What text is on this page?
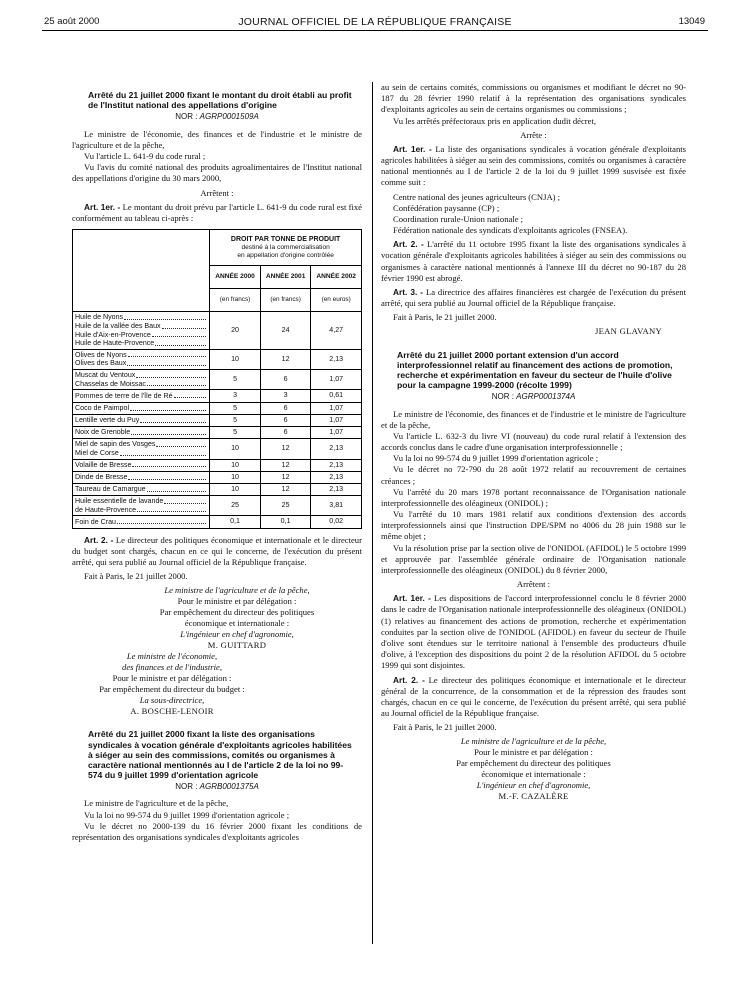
25 août 2000	JOURNAL OFFICIEL DE LA RÉPUBLIQUE FRANÇAISE	13049

Arrêté du 21 juillet 2000 fixant le montant du droit établi au profit de l'Institut national des appellations d'origine

NOR : AGRP0001509A

Le ministre de l'économie, des finances et de l'industrie et le ministre de l'agriculture et de la pêche,

Vu l'article L. 641-9 du code rural ;

Vu l'avis du comité national des produits agroalimentaires de l'Institut national des appellations d'origine du 30 mars 2000,

Arrêtent :

Art. 1er. - Le montant du droit prévu par l'article L. 641-9 du code rural est fixé conformément au tableau ci-après :

	DROIT PAR TONNE DE PRODUIT
destiné à la commercialisation
en appellation d'origine contrôlée		

	ANNÉE 2000	ANNÉE 2001	ANNÉE 2002
	(en francs)	(en francs)	(en euros)

Huile de Nyons
Huile de la vallée des Baux
Huile d'Aix-en-Provence
Huile de Haute-Provence	20	24	4,27

Olives de Nyons
Olives des Baux	10	12	2,13

Muscat du Ventoux
Chasselas de Moissac	5	6	1,07

Pommes de terre de l'île de Ré	3	3	0,61

Coco de Paimpol	5	6	1,07

Lentille verte du Puy	5	6	1,07

Noix de Grenoble	5	6	1,07

Miel de sapin des Vosges
Miel de Corse	10	12	2,13

Volaille de Bresse	10	12	2,13

Dinde de Bresse	10	12	2,13

Taureau de Camargue	10	12	2,13

Huile essentielle de lavande
de Haute-Provence	25	25	3,81

Foin de Crau	0,1	0,1	0,02

Art. 2. - Le directeur des politiques économique et internationale et le directeur du budget sont chargés, chacun en ce qui le concerne, de l'exécution du présent arrêté, qui sera publié au Journal officiel de la République française.

Fait à Paris, le 21 juillet 2000.

Le ministre de l'agriculture et de la pêche,
Pour le ministre et par délégation :
Par empêchement du directeur des politiques
économique et internationale :
L'ingénieur en chef d'agronomie,
M. GUITTARD
Le ministre de l'économie,
des finances et de l'industrie,
Pour le ministre et par délégation :
Par empêchement du directeur du budget :
La sous-directrice,
A. BOSCHE-LENOIR

Arrêté du 21 juillet 2000 fixant la liste des organisations syndicales à vocation générale d'exploitants agricoles habilitées à siéger au sein des commissions, comités ou organismes à caractère national mentionnés au I de l'article 2 de la loi no 99-574 du 9 juillet 1999 d'orientation agricole

NOR : AGRB0001375A

Le ministre de l'agriculture et de la pêche,

Vu la loi no 99-574 du 9 juillet 1999 d'orientation agricole ;

Vu le décret no 2000-139 du 16 février 2000 fixant les conditions de représentation des organisations syndicales d'exploitants agricoles

au sein de certains comités, commissions ou organismes et modifiant le décret no 90-187 du 28 février 1990 relatif à la représentation des organisations syndicales d'exploitants agricoles au sein de certains organismes ou commissions ;

Vu les arrêtés préfectoraux pris en application dudit décret,

Arrête :

Art. 1er. - La liste des organisations syndicales à vocation générale d'exploitants agricoles habilitées à siéger au sein des commissions, comités ou organismes à caractère national mentionnés au I de l'article 2 de la loi du 9 juillet 1999 susvisée est fixée comme suit :

Centre national des jeunes agriculteurs (CNJA) ;

Confédération paysanne (CP) ;

Coordination rurale-Union nationale ;

Fédération nationale des syndicats d'exploitants agricoles (FNSEA).

Art. 2. - L'arrêté du 11 octobre 1995 fixant la liste des organisations syndicales à vocation générale d'exploitants agricoles habilitées à siéger au sein des commissions ou organismes à caractère national mentionnés à l'annexe III du décret no 90-187 du 28 février 1990 est abrogé.

Art. 3. - La directrice des affaires financières est chargée de l'exécution du présent arrêté, qui sera publié au Journal officiel de la République française.

Fait à Paris, le 21 juillet 2000.

JEAN GLAVANY

Arrêté du 21 juillet 2000 portant extension d'un accord interprofessionnel relatif au financement des actions de promotion, recherche et expérimentation en faveur du secteur de l'huile d'olive pour la campagne 1999-2000 (récolte 1999)

NOR : AGRP0001374A

Le ministre de l'économie, des finances et de l'industrie et le ministre de l'agriculture et de la pêche,

Vu l'article L. 632-3 du livre VI (nouveau) du code rural relatif à l'extension des accords conclus dans le cadre d'une organisation interprofessionnelle ;

Vu la loi no 99-574 du 9 juillet 1999 d'orientation agricole ;

Vu le décret no 72-790 du 28 août 1972 relatif au recouvrement de certaines créances ;

Vu l'arrêté du 20 mars 1978 portant reconnaissance de l'Organisation nationale interprofessionnelle des oléagineux (ONIDOL) ;

Vu l'arrêté du 10 mars 1981 relatif aux conditions d'extension des accords interprofessionnels ainsi que l'instruction DPE/SPM no 4006 du 28 juin 1988 sur le même objet ;

Vu la résolution prise par la section olive de l'ONIDOL (AFIDOL) le 5 octobre 1999 et approuvée par l'assemblée générale ordinaire de l'Organisation nationale interprofessionnelle des oléagineux (ONIDOL) du 8 février 2000,

Arrêtent :

Art. 1er. - Les dispositions de l'accord interprofessionnel conclu le 8 février 2000 dans le cadre de l'Organisation nationale interprofessionnelle des oléagineux (ONIDOL) (1) relatives au financement des actions de promotion, recherche et expérimentation conduites par la section olive de l'ONIDOL (AFIDOL) en faveur du secteur de l'huile d'olive sont étendues sur le territoire national à l'ensemble des producteurs d'huile d'olive, à l'exception des dispositions du point 2 de la résolution AFIDOL du 5 octobre 1999 qui sont disjointes.

Art. 2. - Le directeur des politiques économique et internationale et le directeur général de la concurrence, de la consommation et de la répression des fraudes sont chargés, chacun en ce qui le concerne, de l'exécution du présent arrêté, qui sera publié au Journal officiel de la République française.

Fait à Paris, le 21 juillet 2000.

Le ministre de l'agriculture et de la pêche,
Pour le ministre et par délégation :
Par empêchement du directeur des politiques
économique et internationale :
L'ingénieur en chef d'agronomie,
M.-F. CAZALÈRE
